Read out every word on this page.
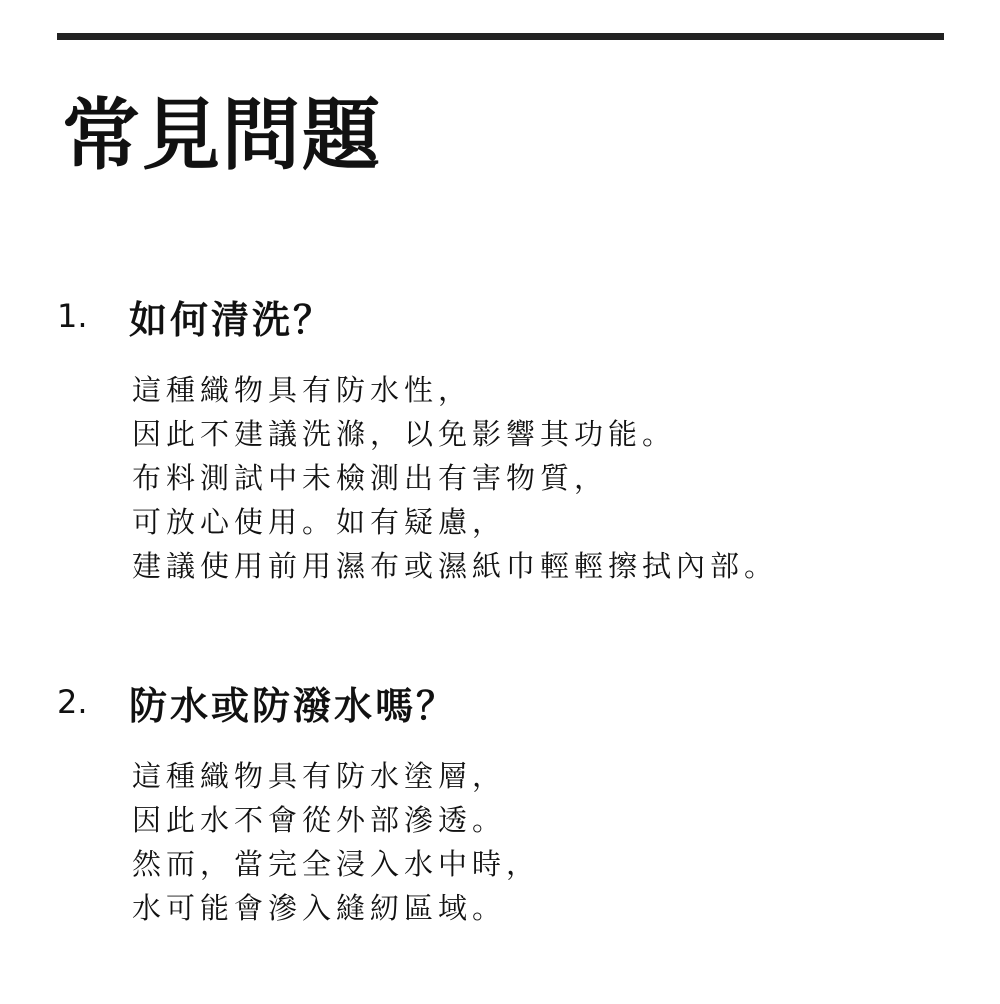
常見問題
1.	如何清洗？
這種織物具有防水性，
因此不建議洗滌，以免影響其功能。
布料測試中未檢測出有害物質，
可放心使用。如有疑慮，
建議使用前用濕布或濕紙巾輕輕擦拭內部。
2.	防水或防潑水嗎？
這種織物具有防水塗層，
因此水不會從外部滲透。
然而，當完全浸入水中時，
水可能會滲入縫紉區域。
